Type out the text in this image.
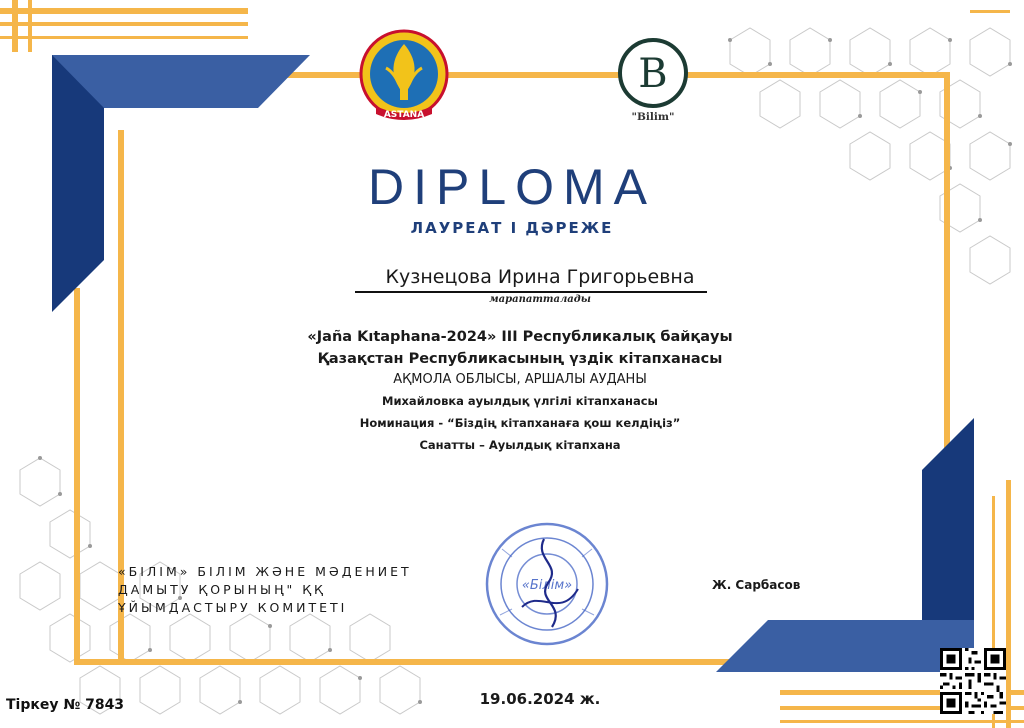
ASTANA
B
"Bilim"
DIPLOMA
ЛАУРЕАТ І ДӘРЕЖЕ
Кузнецова Ирина Григорьевна
марапатталады
«Jaña Kıtaphana-2024» III Республикалық байқауы
Қазақстан Республикасының үздік кітапханасы
АҚМОЛА ОБЛЫСЫ, АРШАЛЫ АУДАНЫ
Михайловка ауылдық үлгілі кітапханасы
Номинация - “Біздің кітапханаға қош келдіңіз”
Санатты – Ауылдық кітапхана
«БІЛІМ» БІЛІМ ЖӘНЕ МӘДЕНИЕТ
ДАМЫТУ ҚОРЫНЫҢ" ҚҚ
ҰЙЫМДАСТЫРУ КОМИТЕТІ
«Білім»	Ж. Сарбасов
19.06.2024 ж.
Тіркеу № 7843
